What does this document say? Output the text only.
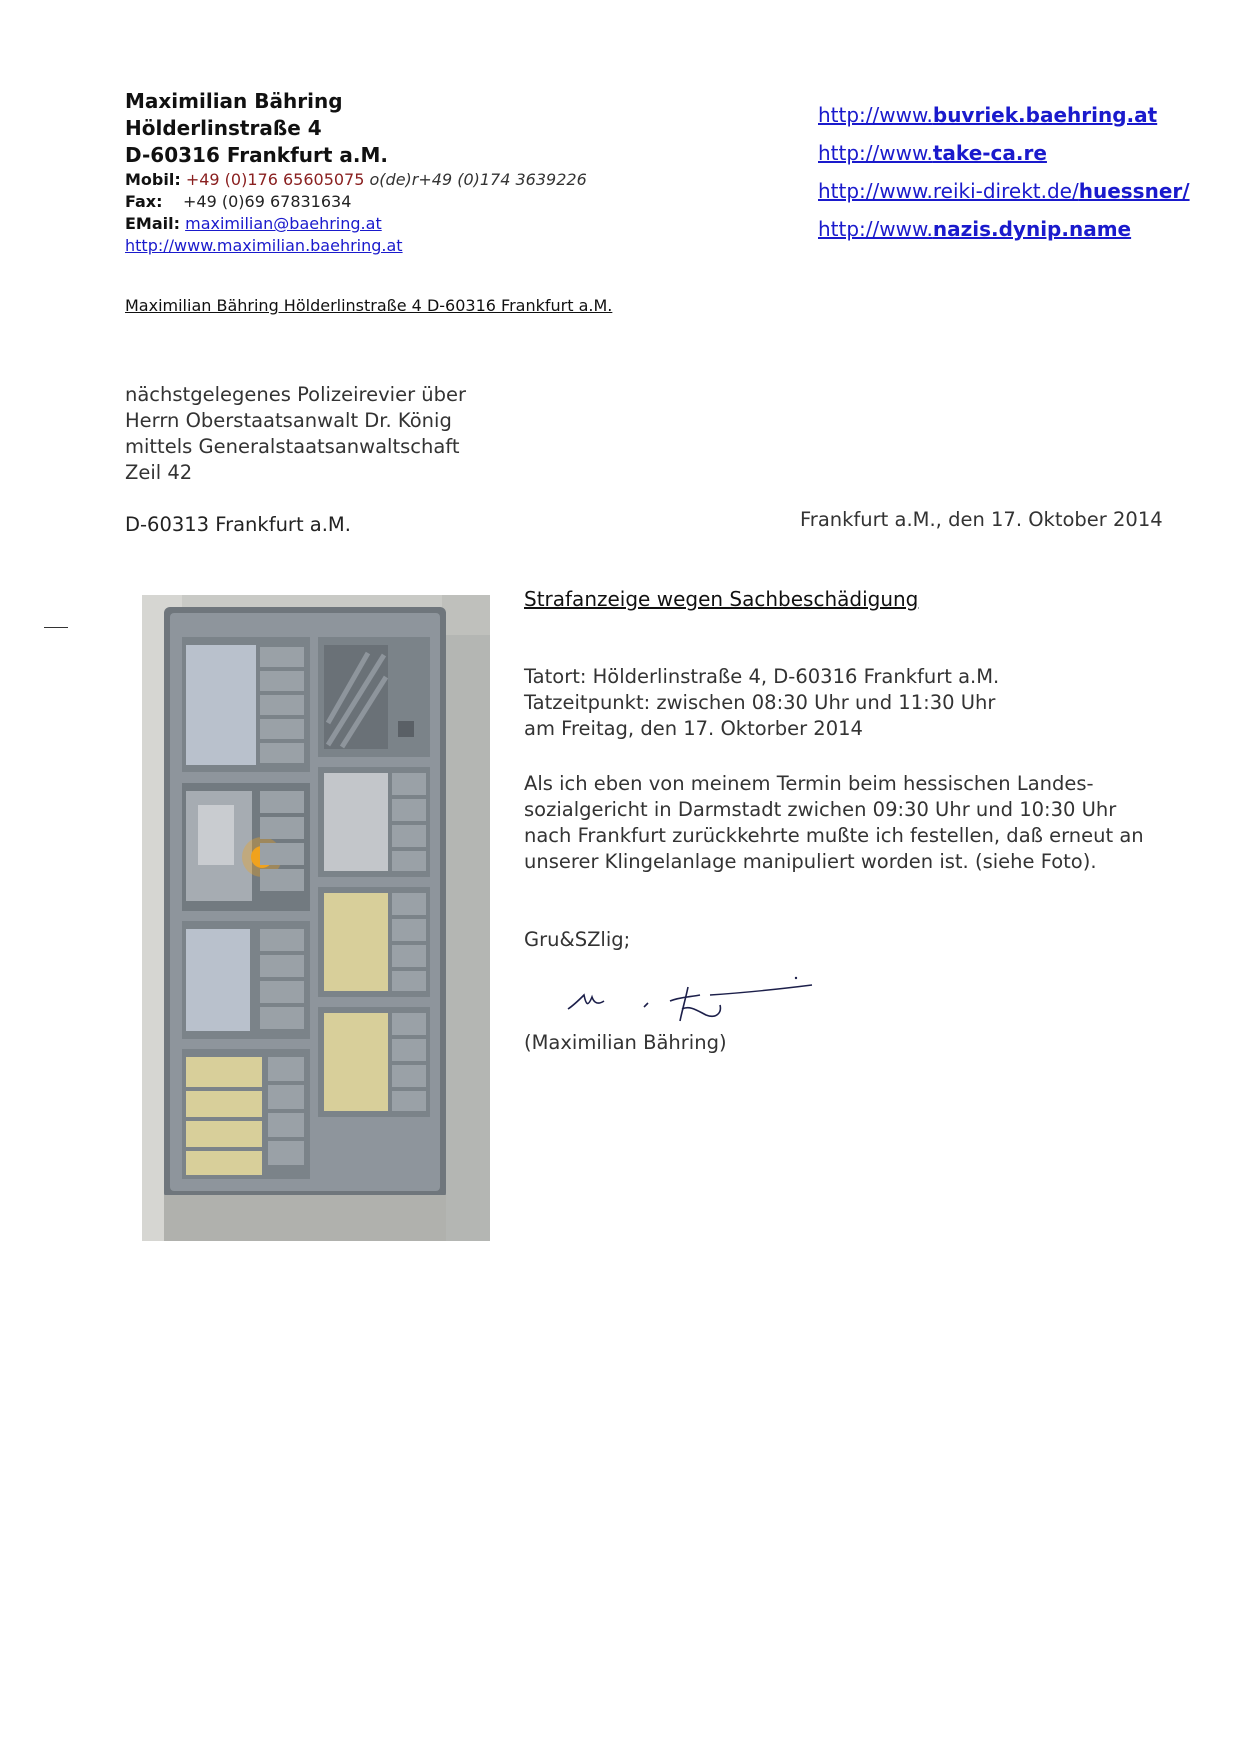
Maximilian Bähring
Hölderlinstraße 4
D-60316 Frankfurt a.M.
Mobil: +49 (0)176 65605075 o(de)r+49 (0)174 3639226
Fax: +49 (0)69 67831634
EMail: maximilian@baehring.at
http://www.maximilian.baehring.at
http://www.buvriek.baehring.at
http://www.take-ca.re
http://www.reiki-direkt.de/huessner/
http://www.nazis.dynip.name
Maximilian Bähring Hölderlinstraße 4 D-60316 Frankfurt a.M.
nächstgelegenes Polizeirevier über
Herrn Oberstaatsanwalt Dr. König
mittels Generalstaatsanwaltschaft
Zeil 42
D-60313 Frankfurt a.M.	Frankfurt a.M., den 17. Oktober 2014
Strafanzeige wegen Sachbeschädigung

Tatort: Hölderlinstraße 4, D-60316 Frankfurt a.M.

Tatzeitpunkt: zwischen 08:30 Uhr und 11:30 Uhr

am Freitag, den 17. Oktorber 2014

Als ich eben von meinem Termin beim hessischen Landes-

sozialgericht in Darmstadt zwichen 09:30 Uhr und 10:30 Uhr

nach Frankfurt zurückkehrte mußte ich festellen, daß erneut an

unserer Klingelanlage manipuliert worden ist. (siehe Foto).

Gru&SZlig;
(Maximilian Bähring)
